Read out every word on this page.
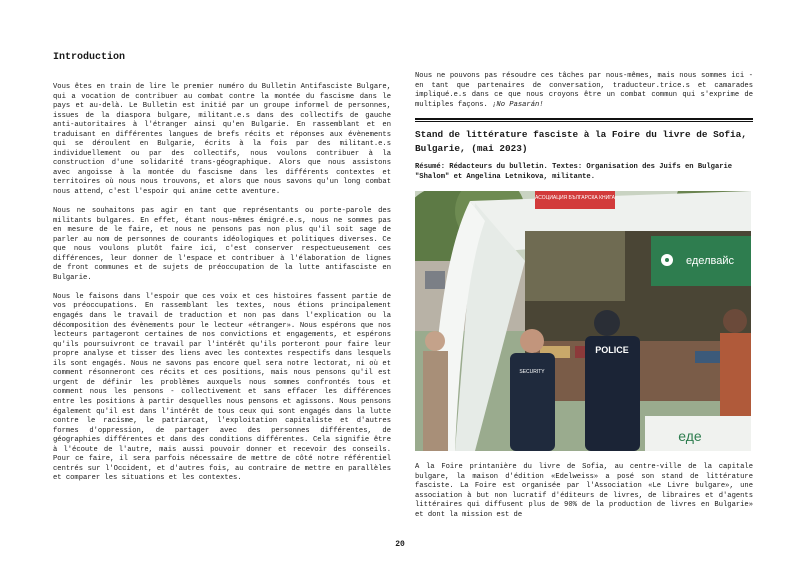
Introduction

Vous êtes en train de lire le premier numéro du Bulletin Antifasciste Bulgare, qui a vocation de contribuer au combat contre la montée du fascisme dans le pays et au-delà. Le Bulletin est initié par un groupe informel de personnes, issues de la diaspora bulgare, militant.e.s dans des collectifs de gauche anti-autoritaires à l'étranger ainsi qu'en Bulgarie. En rassemblant et en traduisant en différentes langues de brefs récits et réponses aux évènements qui se déroulent en Bulgarie, écrits à la fois par des militant.e.s individuellement ou par des collectifs, nous voulons contribuer à la construction d'une solidarité trans-géographique. Alors que nous assistons avec angoisse à la montée du fascisme dans les différents contextes et territoires où nous nous trouvons, et alors que nous savons qu'un long combat nous attend, c'est l'espoir qui anime cette aventure.

Nous ne souhaitons pas agir en tant que représentants ou porte-parole des militants bulgares. En effet, étant nous-mêmes émigré.e.s, nous ne sommes pas en mesure de le faire, et nous ne pensons pas non plus qu'il soit sage de parler au nom de personnes de courants idéologiques et politiques diverses. Ce que nous voulons plutôt faire ici, c'est conserver respectueusement ces différences, leur donner de l'espace et contribuer à l'élaboration de lignes de front communes et de sujets de préoccupation de la lutte antifasciste en Bulgarie.

Nous le faisons dans l'espoir que ces voix et ces histoires fassent partie de vos préoccupations. En rassemblant les textes, nous étions principalement engagés dans le travail de traduction et non pas dans l'explication ou la décomposition des évènements pour le lecteur «étranger». Nous espérons que nos lecteurs partageront certaines de nos convictions et engagements, et espérons qu'ils poursuivront ce travail par l'intérêt qu'ils porteront pour faire leur propre analyse et tisser des liens avec les contextes respectifs dans lesquels ils sont engagés. Nous ne savons pas encore quel sera notre lectorat, ni où et comment résonneront ces récits et ces positions, mais nous pensons qu'il est urgent de définir les problèmes auxquels nous sommes confrontés tous et comment nous les pensons - collectivement et sans effacer les différences entre les positions à partir desquelles nous pensons et agissons. Nous pensons également qu'il est dans l'intérêt de tous ceux qui sont engagés dans la lutte contre le racisme, le patriarcat, l'exploitation capitaliste et d'autres formes d'oppression, de partager avec des personnes différentes, de géographies différentes et dans des conditions différentes. Cela signifie être à l'écoute de l'autre, mais aussi pouvoir donner et recevoir des conseils. Pour ce faire, il sera parfois nécessaire de mettre de côté notre référentiel centrés sur l'Occident, et d'autres fois, au contraire de mettre en parallèles et comparer les situations et les contextes.

Nous ne pouvons pas résoudre ces tâches par nous-mêmes, mais nous sommes ici - en tant que partenaires de conversation, traducteur.trice.s et camarades impliqué.e.s dans ce que nous croyons être un combat commun qui s'exprime de multiples façons. ¡No Pasarán!

Stand de littérature fasciste à la Foire du livre de Sofia, Bulgarie, (mai 2023)

Résumé: Rédacteurs du bulletin. Textes: Organisation des Juifs en Bulgarie "Shalom" et Angelina Letnikova, militante.

АСОЦИАЦИЯ БЪЛГАРСКА КНИГА
еделвайс
SECURITY
POLICE
еде

A la Foire printanière du livre de Sofia, au centre-ville de la capitale bulgare, la maison d'édition «Edelweiss» a posé son stand de littérature fasciste. La Foire est organisée par l'Association «Le Livre bulgare», une association à but non lucratif d'éditeurs de livres, de libraires et d'agents littéraires qui diffusent plus de 90% de la production de livres en Bulgarie» et dont la mission est de

20
